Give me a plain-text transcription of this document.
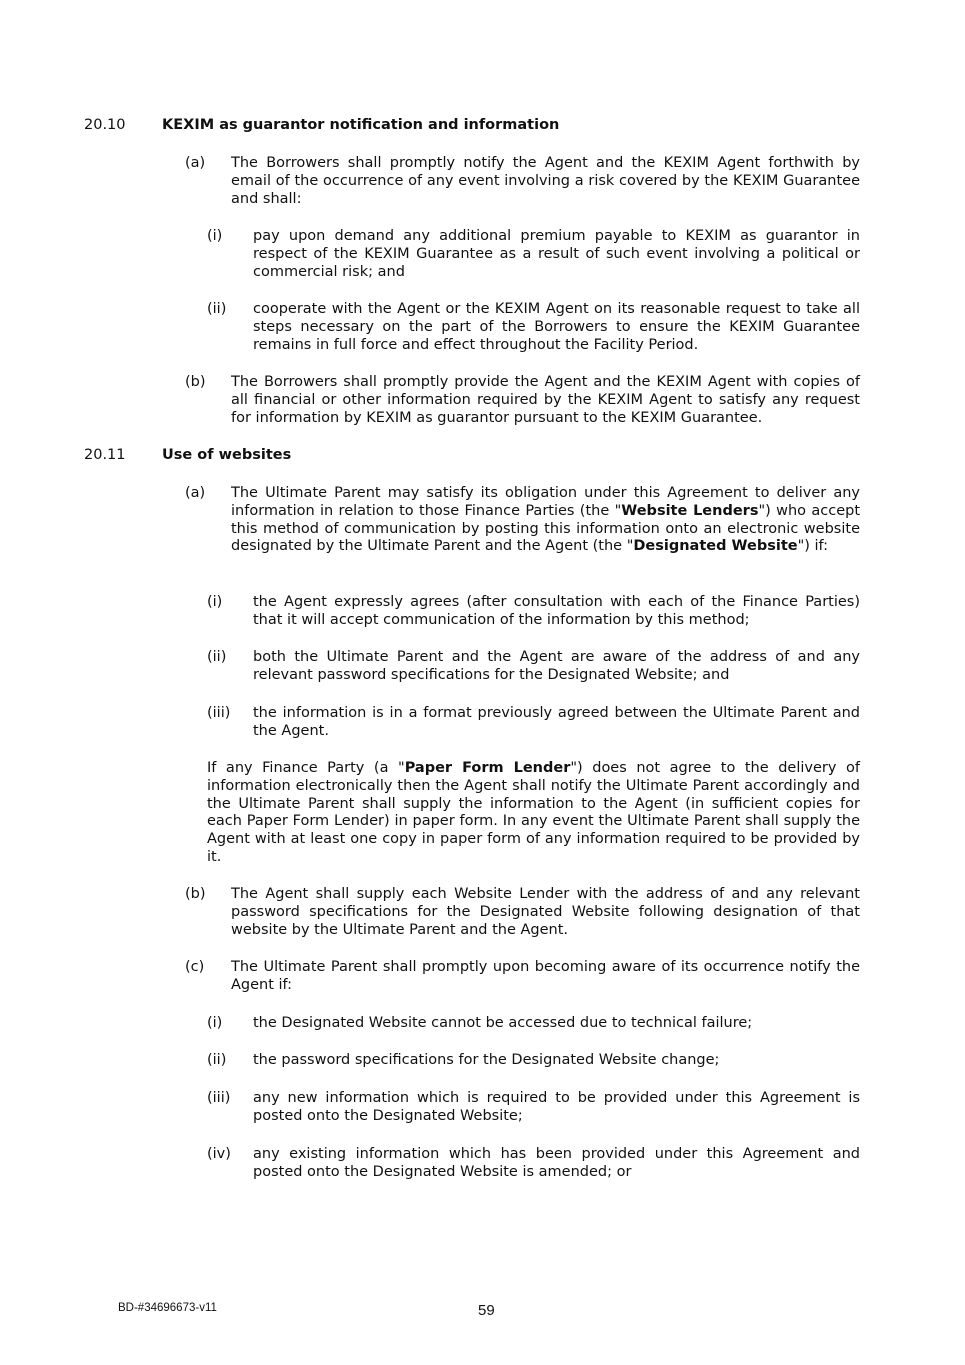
20.10	KEXIM as guarantor notification and information
(a) The Borrowers shall promptly notify the Agent and the KEXIM Agent forthwith by email of the occurrence of any event involving a risk covered by the KEXIM Guarantee and shall:
(i) pay upon demand any additional premium payable to KEXIM as guarantor in respect of the KEXIM Guarantee as a result of such event involving a political or commercial risk; and
(ii) cooperate with the Agent or the KEXIM Agent on its reasonable request to take all steps necessary on the part of the Borrowers to ensure the KEXIM Guarantee remains in full force and effect throughout the Facility Period.
(b) The Borrowers shall promptly provide the Agent and the KEXIM Agent with copies of all financial or other information required by the KEXIM Agent to satisfy any request for information by KEXIM as guarantor pursuant to the KEXIM Guarantee.
20.11	Use of websites
(a) The Ultimate Parent may satisfy its obligation under this Agreement to deliver any information in relation to those Finance Parties (the "Website Lenders") who accept this method of communication by posting this information onto an electronic website designated by the Ultimate Parent and the Agent (the "Designated Website") if:
(i) the Agent expressly agrees (after consultation with each of the Finance Parties) that it will accept communication of the information by this method;
(ii) both the Ultimate Parent and the Agent are aware of the address of and any relevant password specifications for the Designated Website; and
(iii) the information is in a format previously agreed between the Ultimate Parent and the Agent.
If any Finance Party (a "Paper Form Lender") does not agree to the delivery of information electronically then the Agent shall notify the Ultimate Parent accordingly and the Ultimate Parent shall supply the information to the Agent (in sufficient copies for each Paper Form Lender) in paper form. In any event the Ultimate Parent shall supply the Agent with at least one copy in paper form of any information required to be provided by it.
(b) The Agent shall supply each Website Lender with the address of and any relevant password specifications for the Designated Website following designation of that website by the Ultimate Parent and the Agent.
(c) The Ultimate Parent shall promptly upon becoming aware of its occurrence notify the Agent if:
(i) the Designated Website cannot be accessed due to technical failure;
(ii) the password specifications for the Designated Website change;
(iii) any new information which is required to be provided under this Agreement is posted onto the Designated Website;
(iv) any existing information which has been provided under this Agreement and posted onto the Designated Website is amended; or
BD-#34696673-v11	59
